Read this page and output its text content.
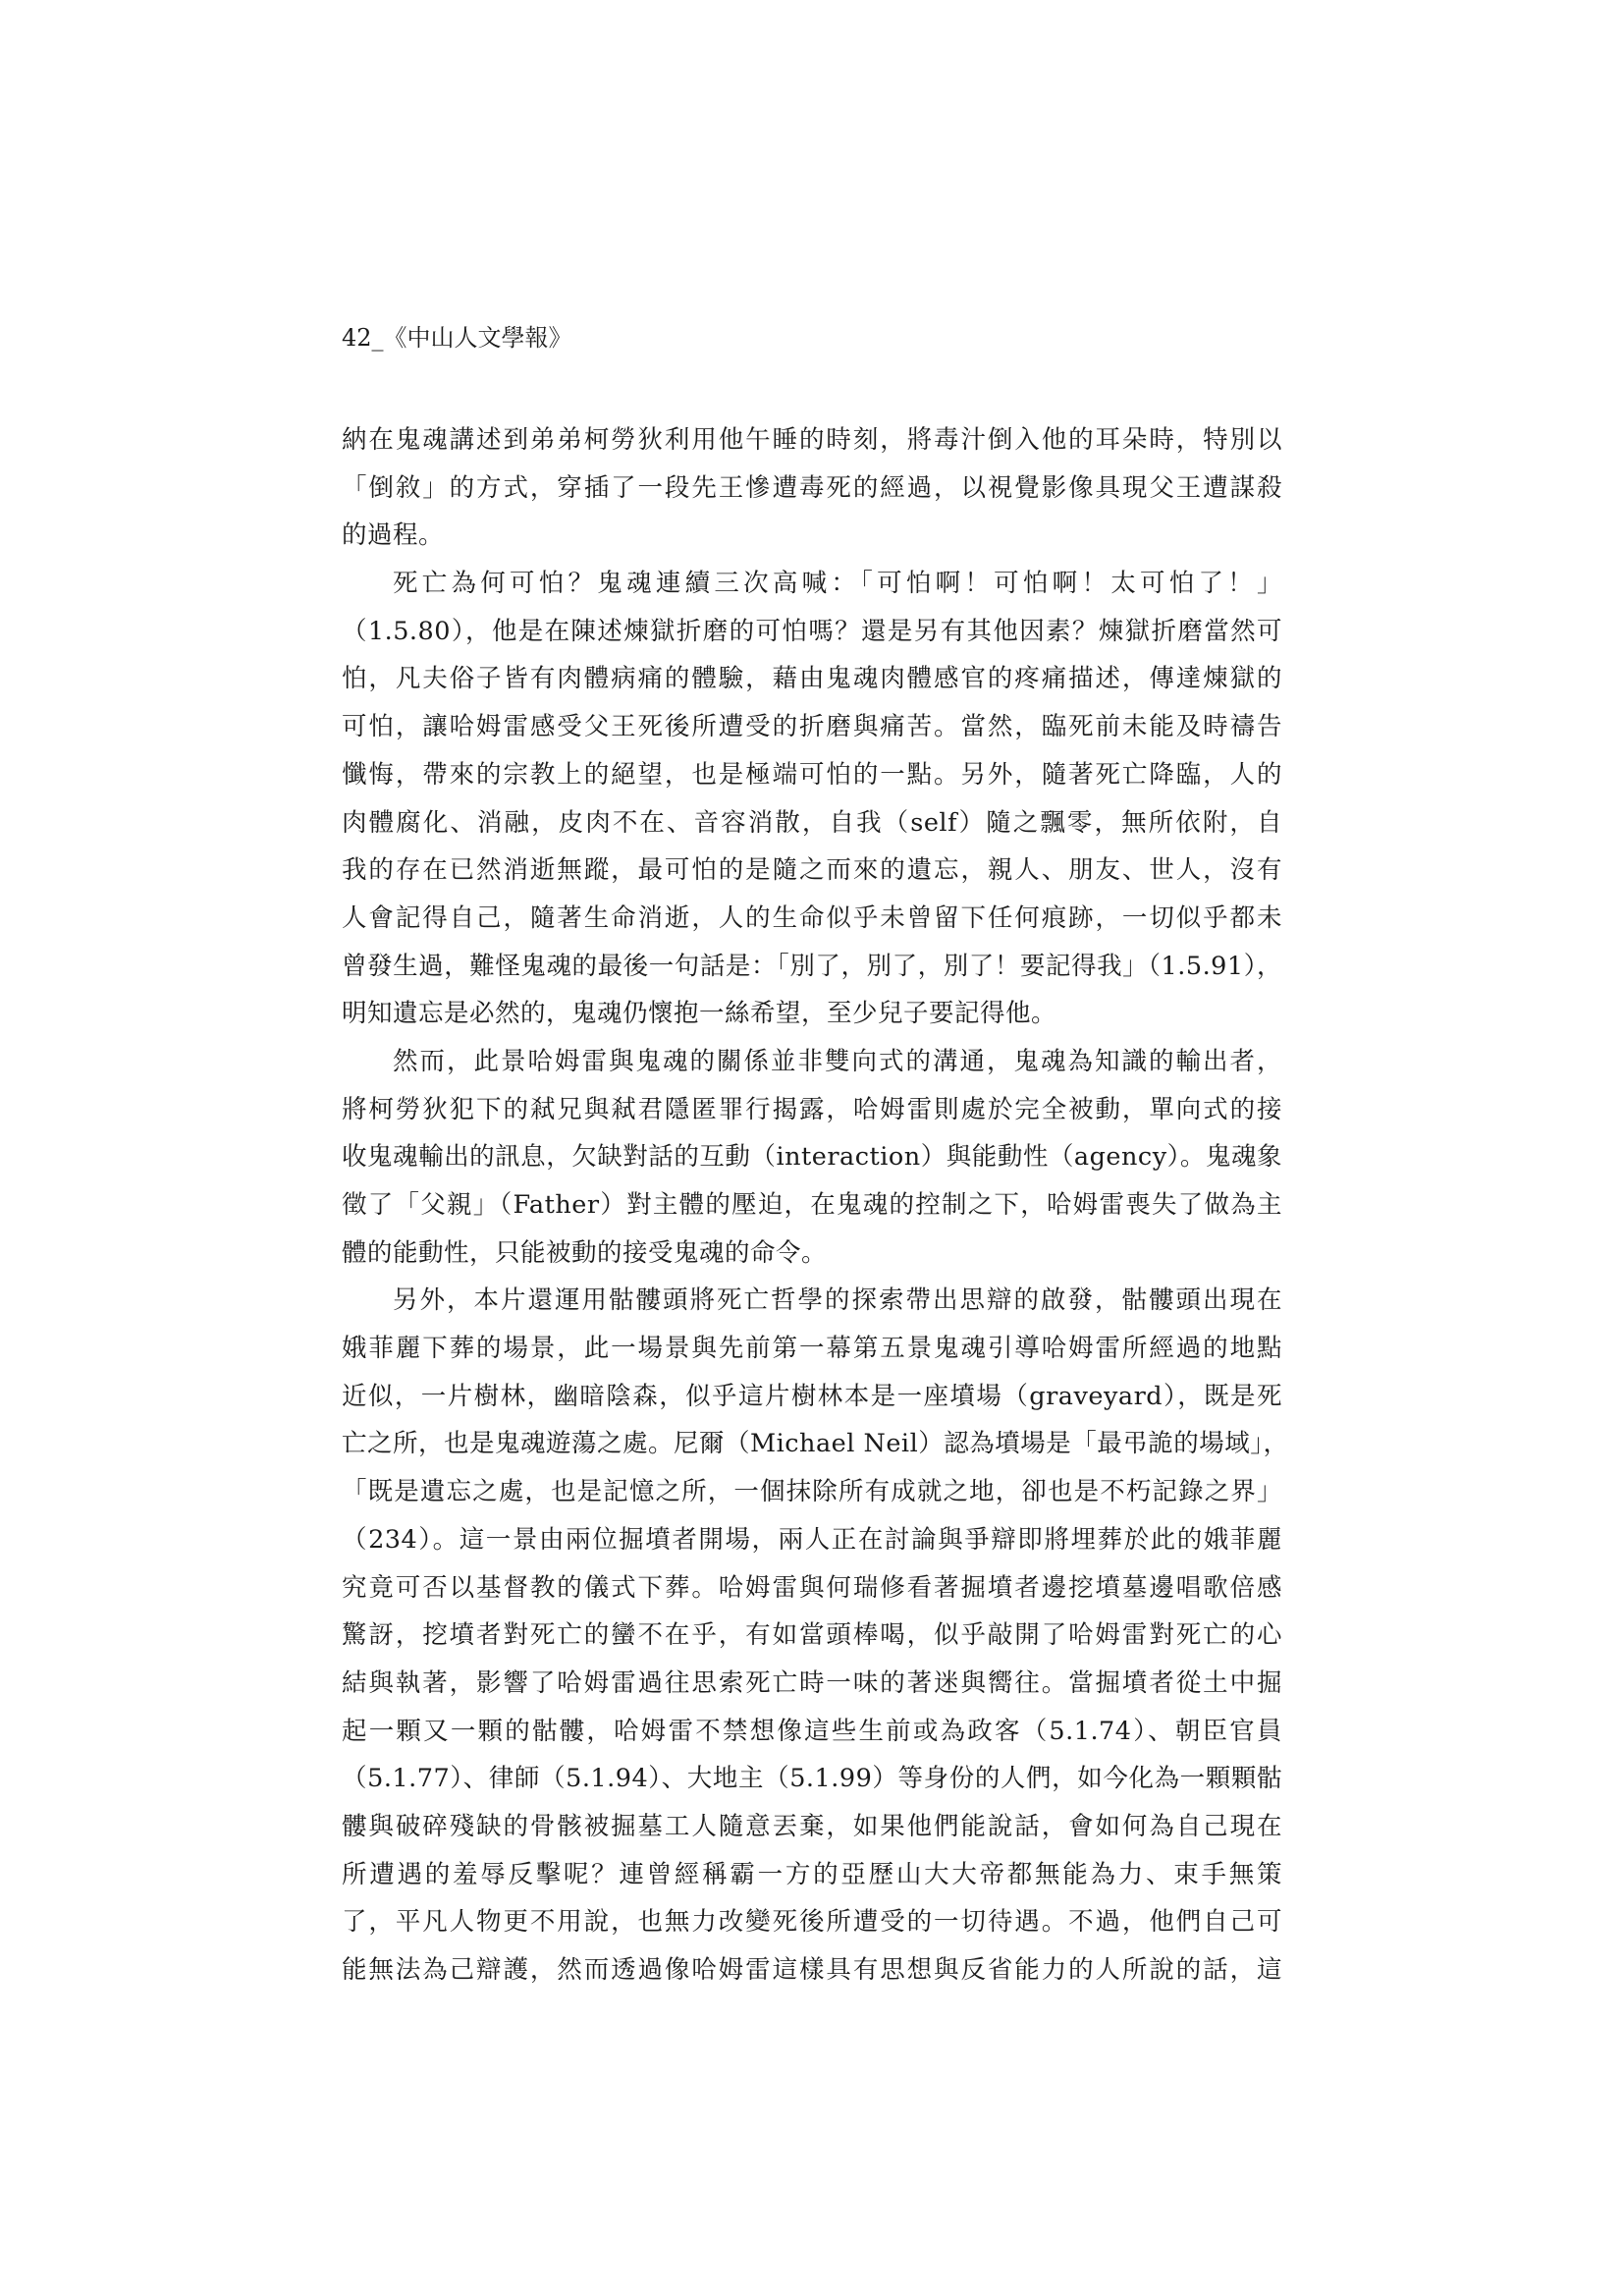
42_《中山人文學報》
納在鬼魂講述到弟弟柯勞狄利用他午睡的時刻，將毒汁倒入他的耳朵時，特別以
「倒敘」的方式，穿插了一段先王慘遭毒死的經過，以視覺影像具現父王遭謀殺
的過程。
死亡為何可怕？鬼魂連續三次高喊：「可怕啊！可怕啊！太可怕了！」
（1.5.80），他是在陳述煉獄折磨的可怕嗎？還是另有其他因素？煉獄折磨當然可
怕，凡夫俗子皆有肉體病痛的體驗，藉由鬼魂肉體感官的疼痛描述，傳達煉獄的
可怕，讓哈姆雷感受父王死後所遭受的折磨與痛苦。當然，臨死前未能及時禱告
懺悔，帶來的宗教上的絕望，也是極端可怕的一點。另外，隨著死亡降臨，人的
肉體腐化、消融，皮肉不在、音容消散，自我（self）隨之飄零，無所依附，自
我的存在已然消逝無蹤，最可怕的是隨之而來的遺忘，親人、朋友、世人，沒有
人會記得自己，隨著生命消逝，人的生命似乎未曾留下任何痕跡，一切似乎都未
曾發生過，難怪鬼魂的最後一句話是：「別了，別了，別了！要記得我」（1.5.91），
明知遺忘是必然的，鬼魂仍懷抱一絲希望，至少兒子要記得他。
然而，此景哈姆雷與鬼魂的關係並非雙向式的溝通，鬼魂為知識的輸出者，
將柯勞狄犯下的弒兄與弒君隱匿罪行揭露，哈姆雷則處於完全被動，單向式的接
收鬼魂輸出的訊息，欠缺對話的互動（interaction）與能動性（agency）。鬼魂象
徵了「父親」（Father）對主體的壓迫，在鬼魂的控制之下，哈姆雷喪失了做為主
體的能動性，只能被動的接受鬼魂的命令。
另外，本片還運用骷髏頭將死亡哲學的探索帶出思辯的啟發，骷髏頭出現在
娥菲麗下葬的場景，此一場景與先前第一幕第五景鬼魂引導哈姆雷所經過的地點
近似，一片樹林，幽暗陰森，似乎這片樹林本是一座墳場（graveyard），既是死
亡之所，也是鬼魂遊蕩之處。尼爾（Michael Neil）認為墳場是「最弔詭的場域」，
「既是遺忘之處，也是記憶之所，一個抹除所有成就之地，卻也是不朽記錄之界」
（234）。這一景由兩位掘墳者開場，兩人正在討論與爭辯即將埋葬於此的娥菲麗
究竟可否以基督教的儀式下葬。哈姆雷與何瑞修看著掘墳者邊挖墳墓邊唱歌倍感
驚訝，挖墳者對死亡的蠻不在乎，有如當頭棒喝，似乎敲開了哈姆雷對死亡的心
結與執著，影響了哈姆雷過往思索死亡時一味的著迷與嚮往。當掘墳者從土中掘
起一顆又一顆的骷髏，哈姆雷不禁想像這些生前或為政客（5.1.74）、朝臣官員
（5.1.77）、律師（5.1.94）、大地主（5.1.99）等身份的人們，如今化為一顆顆骷
髏與破碎殘缺的骨骸被掘墓工人隨意丟棄，如果他們能說話，會如何為自己現在
所遭遇的羞辱反擊呢？連曾經稱霸一方的亞歷山大大帝都無能為力、束手無策
了，平凡人物更不用說，也無力改變死後所遭受的一切待遇。不過，他們自己可
能無法為己辯護，然而透過像哈姆雷這樣具有思想與反省能力的人所說的話，這
